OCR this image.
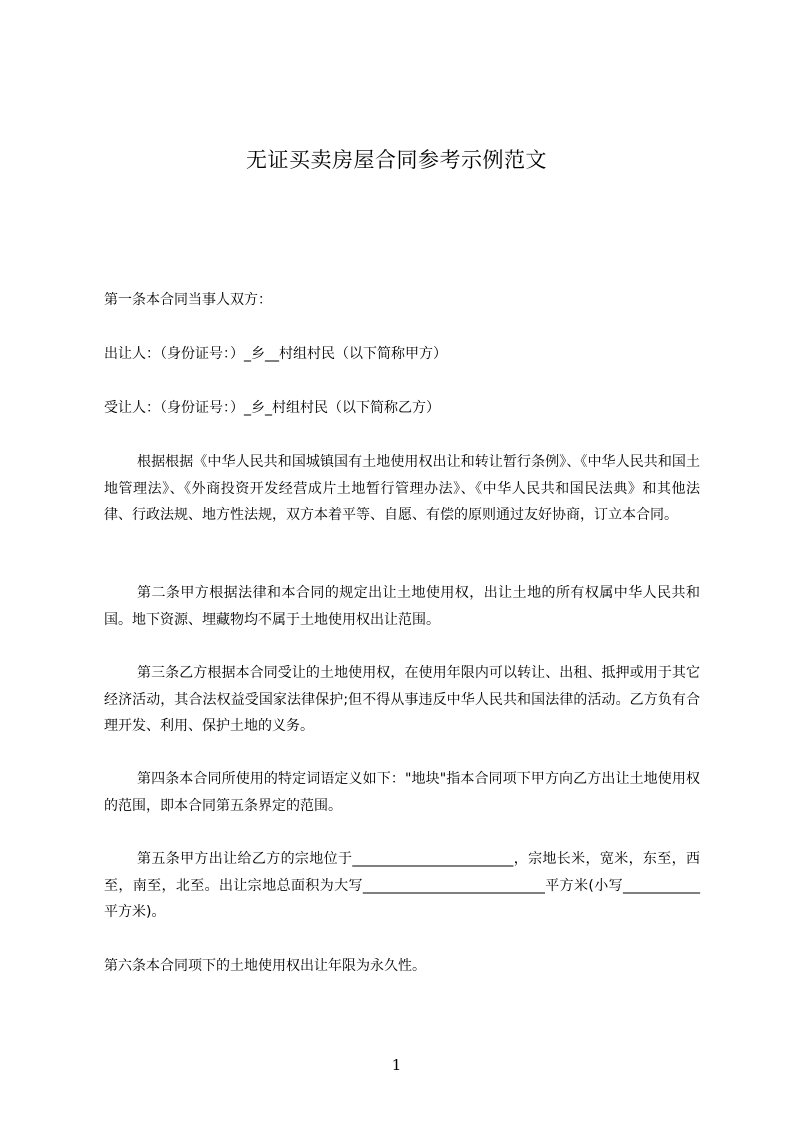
无证买卖房屋合同参考示例范文
第一条本合同当事人双方：
出让人：（身份证号：）_乡__村组村民（以下简称甲方）
受让人：（身份证号：）_乡_村组村民（以下简称乙方）
根据根据《中华人民共和国城镇国有土地使用权出让和转让暂行条例》、《中华人民共和国土地管理法》、《外商投资开发经营成片土地暂行管理办法》、《中华人民共和国民法典》和其他法律、行政法规、地方性法规，双方本着平等、自愿、有偿的原则通过友好协商，订立本合同。
第二条甲方根据法律和本合同的规定出让土地使用权，出让土地的所有权属中华人民共和国。地下资源、埋藏物均不属于土地使用权出让范围。
第三条乙方根据本合同受让的土地使用权，在使用年限内可以转让、出租、抵押或用于其它经济活动，其合法权益受国家法律保护;但不得从事违反中华人民共和国法律的活动。乙方负有合理开发、利用、保护土地的义务。
第四条本合同所使用的特定词语定义如下："地块"指本合同项下甲方向乙方出让土地使用权的范围，即本合同第五条界定的范围。
第五条甲方出让给乙方的宗地位于_______________________，宗地长米，宽米，东至，西至，南至，北至。出让宗地总面积为大写__________________________平方米(小写___________平方米)。
第六条本合同项下的土地使用权出让年限为永久性。
1
